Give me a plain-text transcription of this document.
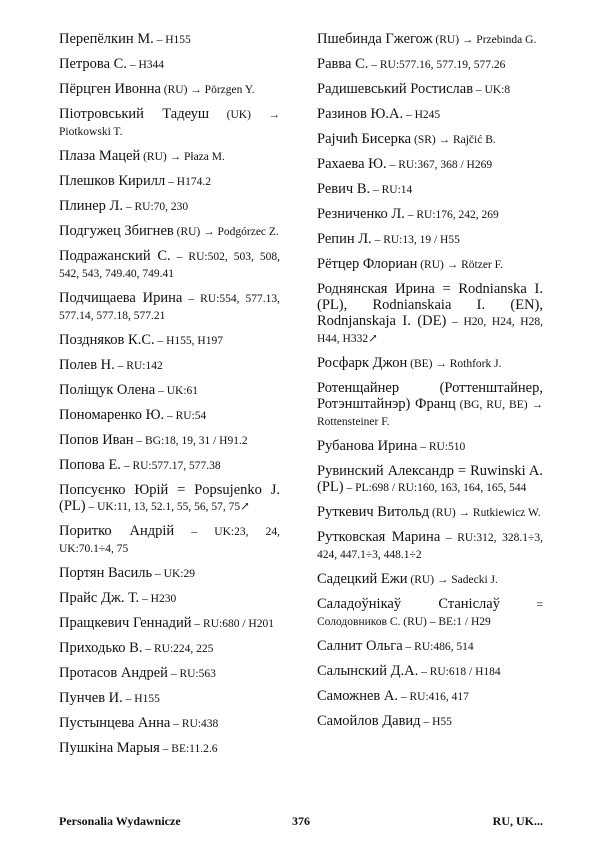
Перепёлкин М. – H155
Петрова С. – H344
Пёрцген Ивонна (RU) → Pörzgen Y.
Піотровський Тадеуш (UK) → Piotkowski T.
Плаза Мацей (RU) → Płaza M.
Плешков Кирилл – H174.2
Плинер Л. – RU:70, 230
Подгужец Збигнев (RU) → Podgórzec Z.
Подражанский С. – RU:502, 503, 508, 542, 543, 749.40, 749.41
Подчищаева Ирина – RU:554, 577.13, 577.14, 577.18, 577.21
Поздняков К.С. – H155, H197
Полев Н. – RU:142
Поліщук Олена – UK:61
Пономаренко Ю. – RU:54
Попов Иван – BG:18, 19, 31 / H91.2
Попова Е. – RU:577.17, 577.38
Попсуєнко Юрій = Popsujenko J. (PL) – UK:11, 13, 52.1, 55, 56, 57, 75↗
Поритко Андрій – UK:23, 24, UK:70.1÷4, 75
Портян Василь – UK:29
Прайс Дж. Т. – H230
Пращкевич Геннадий – RU:680 / H201
Приходько В. – RU:224, 225
Протасов Андрей – RU:563
Пунчев И. – H155
Пустынцева Анна – RU:438
Пушкіна Марыя – BE:11.2.6
Пшебинда Гжегож (RU) → Przebinda G.
Равва С. – RU:577.16, 577.19, 577.26
Радишевський Ростислав – UK:8
Разинов Ю.А. – H245
Рајчић Бисерка (SR) → Rajčić B.
Рахаева Ю. – RU:367, 368 / H269
Ревич В. – RU:14
Резниченко Л. – RU:176, 242, 269
Репин Л. – RU:13, 19 / H55
Рётцер Флориан (RU) → Rötzer F.
Роднянская Ирина = Rodnianska I. (PL), Rodnianskaia I. (EN), Rodnjanskaja I. (DE) – H20, H24, H28, H44, H332↗
Росфарк Джон (BE) → Rothfork J.
Ротенщайнер (Роттенштайнер, Ротэнштайнэр) Франц (BG, RU, BE) → Rottensteiner F.
Рубанова Ирина – RU:510
Рувинский Александр = Ruwinski A. (PL) – PL:698 / RU:160, 163, 164, 165, 544
Руткевич Витольд (RU) → Rutkiewicz W.
Рутковская Марина – RU:312, 328.1÷3, 424, 447.1÷3, 448.1÷2
Садецкий Ежи (RU) → Sadecki J.
Саладоўнікаў Станіслаў = Солодовников С. (RU) – BE:1 / H29
Салнит Ольга – RU:486, 514
Салынский Д.А. – RU:618 / H184
Саможнев А. – RU:416, 417
Самойлов Давид – H55
Personalia Wydawnicze	376	RU, UK...
